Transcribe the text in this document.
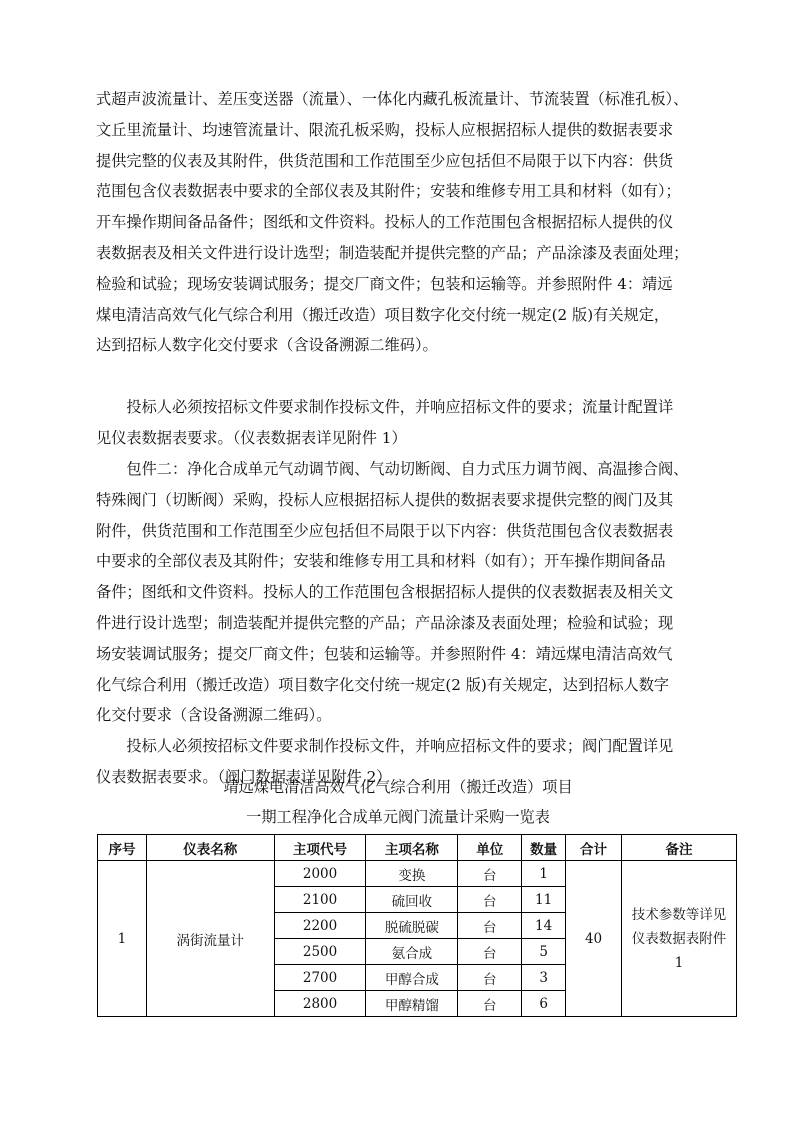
式超声波流量计、差压变送器（流量）、一体化内藏孔板流量计、节流装置（标准孔板）、
文丘里流量计、均速管流量计、限流孔板采购，投标人应根据招标人提供的数据表要求
提供完整的仪表及其附件，供货范围和工作范围至少应包括但不局限于以下内容：供货
范围包含仪表数据表中要求的全部仪表及其附件；安装和维修专用工具和材料（如有）；
开车操作期间备品备件；图纸和文件资料。投标人的工作范围包含根据招标人提供的仪
表数据表及相关文件进行设计选型；制造装配并提供完整的产品；产品涂漆及表面处理；
检验和试验；现场安装调试服务；提交厂商文件；包装和运输等。并参照附件 4：靖远
煤电清洁高效气化气综合利用（搬迁改造）项目数字化交付统一规定(2 版)有关规定，
达到招标人数字化交付要求（含设备溯源二维码）。
　　投标人必须按招标文件要求制作投标文件，并响应招标文件的要求；流量计配置详
见仪表数据表要求。（仪表数据表详见附件 1）
　　包件二：净化合成单元气动调节阀、气动切断阀、自力式压力调节阀、高温掺合阀、
特殊阀门（切断阀）采购，投标人应根据招标人提供的数据表要求提供完整的阀门及其
附件，供货范围和工作范围至少应包括但不局限于以下内容：供货范围包含仪表数据表
中要求的全部仪表及其附件；安装和维修专用工具和材料（如有）；开车操作期间备品
备件；图纸和文件资料。投标人的工作范围包含根据招标人提供的仪表数据表及相关文
件进行设计选型；制造装配并提供完整的产品；产品涂漆及表面处理；检验和试验；现
场安装调试服务；提交厂商文件；包装和运输等。并参照附件 4：靖远煤电清洁高效气
化气综合利用（搬迁改造）项目数字化交付统一规定(2 版)有关规定，达到招标人数字
化交付要求（含设备溯源二维码）。
　　投标人必须按招标文件要求制作投标文件，并响应招标文件的要求；阀门配置详见
仪表数据表要求。（阀门数据表详见附件 2）
靖远煤电清洁高效气化气综合利用（搬迁改造）项目
一期工程净化合成单元阀门流量计采购一览表
序号	仪表名称	主项代号	主项名称	单位	数量	合计	备注
1	涡街流量计	2000	变换	台	1	40	技术参数等详见仪表数据表附件1
		2100	硫回收	台	11		
		2200	脱硫脱碳	台	14		
		2500	氨合成	台	5		
		2700	甲醇合成	台	3		
		2800	甲醇精馏	台	6		
